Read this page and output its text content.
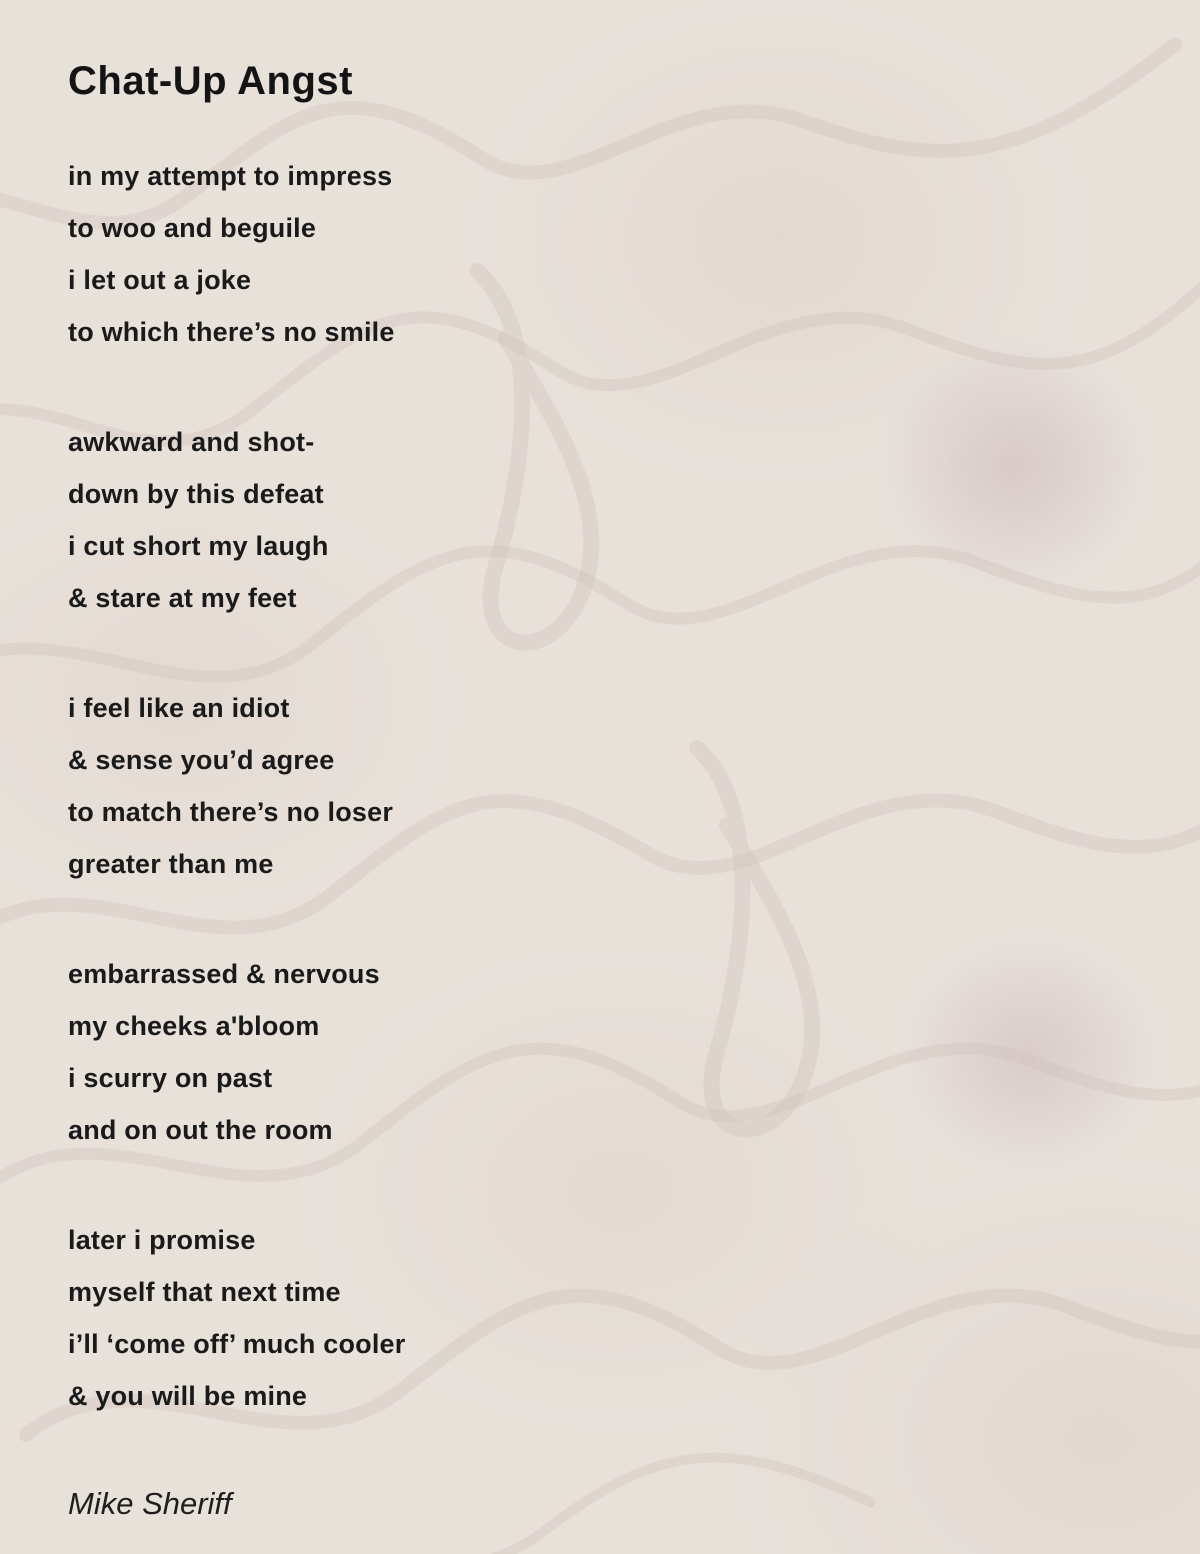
Chat-Up Angst

in my attempt to impress

to woo and beguile

i let out a joke

to which there’s no smile

awkward and shot-

down by this defeat

i cut short my laugh

& stare at my feet

i feel like an idiot

& sense you’d agree

to match there’s no loser

greater than me

embarrassed & nervous

my cheeks a'bloom

i scurry on past

and on out the room

later i promise

myself that next time

i’ll ‘come off’ much cooler

& you will be mine

Mike Sheriff
